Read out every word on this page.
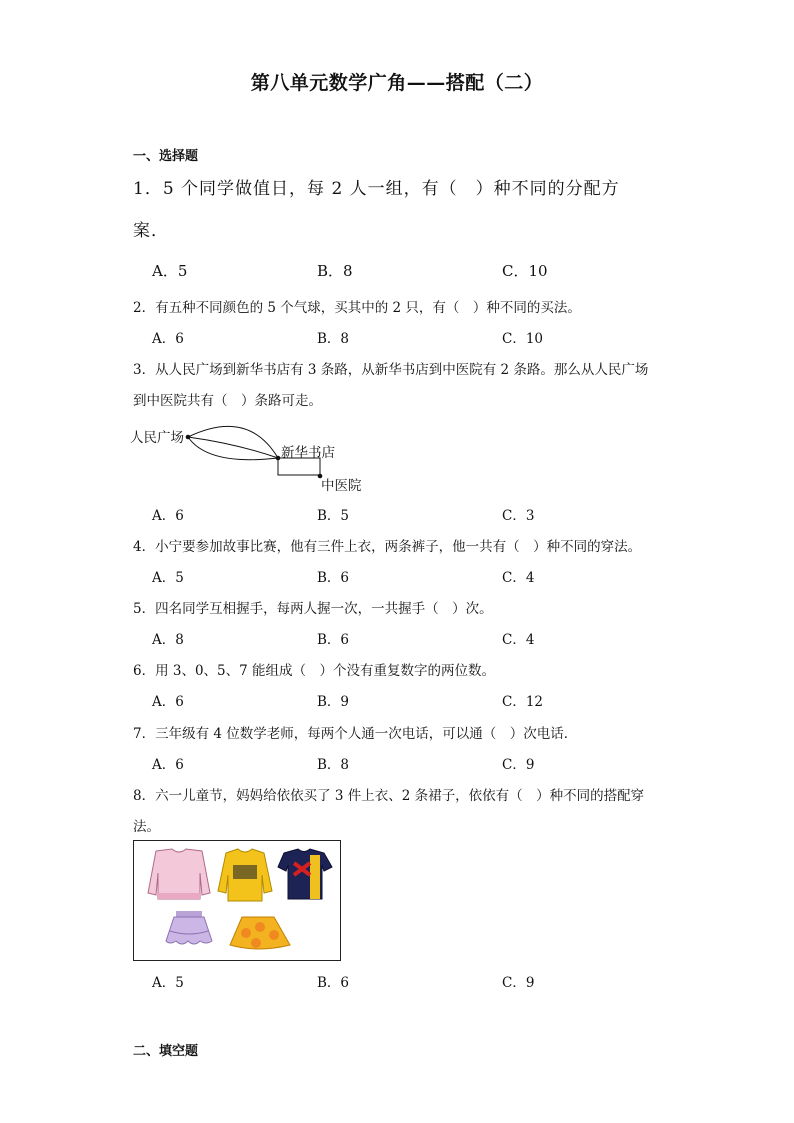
第八单元数学广角——搭配（二）
一、选择题
1．5 个同学做值日，每 2 人一组，有（　）种不同的分配方
案．
A．5	B．8	C．10
2．有五种不同颜色的 5 个气球，买其中的 2 只，有（　）种不同的买法。
A．6	B．8	C．10
3．从人民广场到新华书店有 3 条路，从新华书店到中医院有 2 条路。那么从人民广场
到中医院共有（　）条路可走。
人民广场
新华书店
中医院
A．6	B．5	C．3
4．小宁要参加故事比赛，他有三件上衣，两条裤子，他一共有（　）种不同的穿法。
A．5	B．6	C．4
5．四名同学互相握手，每两人握一次，一共握手（　）次。
A．8	B．6	C．4
6．用 3、0、5、7 能组成（　）个没有重复数字的两位数。
A．6	B．9	C．12
7．三年级有 4 位数学老师，每两个人通一次电话，可以通（　）次电话．
A．6	B．8	C．9
8．六一儿童节，妈妈给依依买了 3 件上衣、2 条裙子，依依有（　）种不同的搭配穿
法。
A．5	B．6	C．9
二、填空题
